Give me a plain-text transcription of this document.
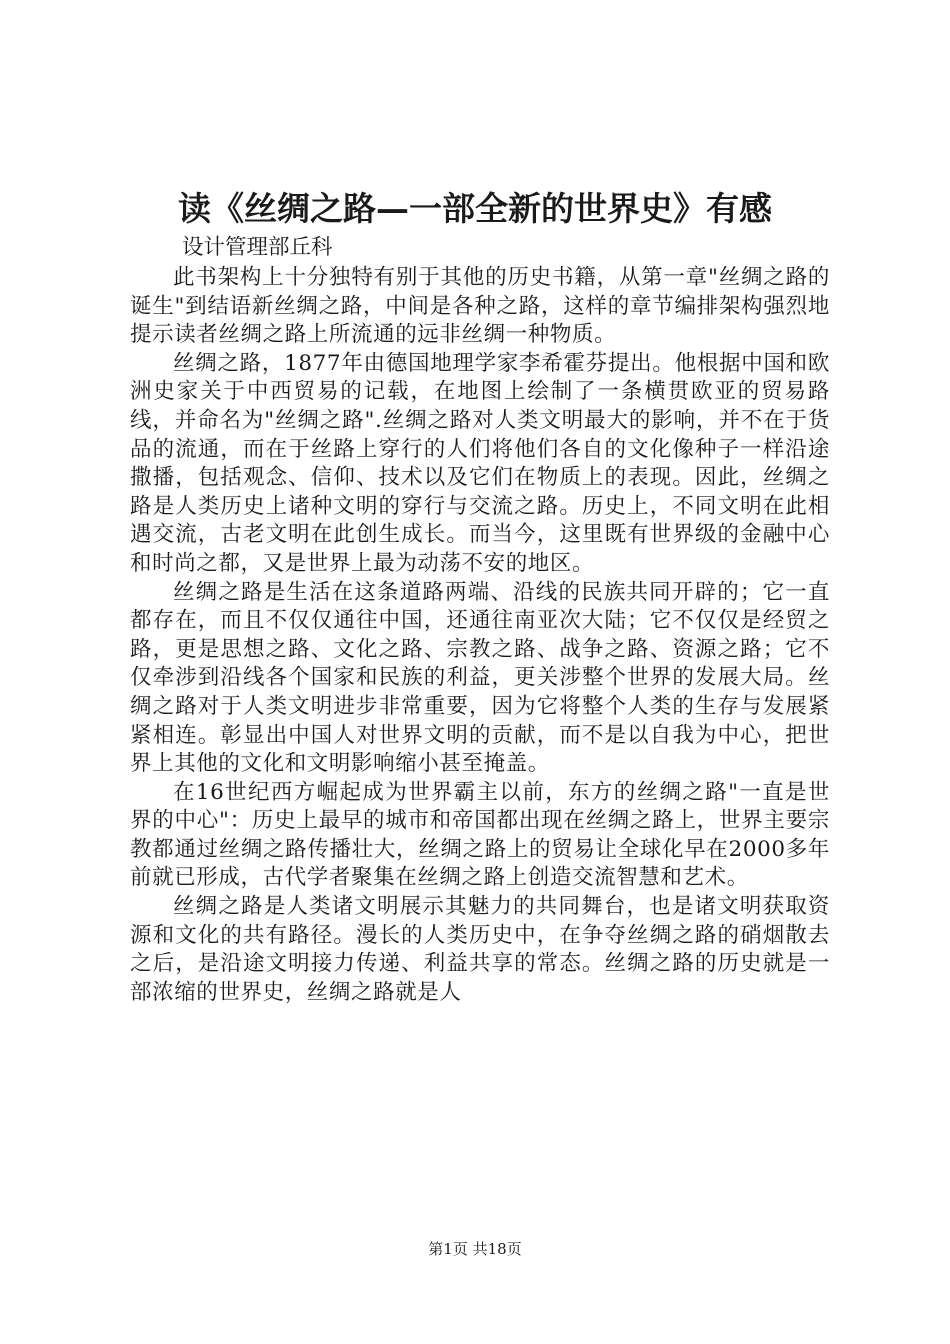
读《丝绸之路—一部全新的世界史》有感

设计管理部丘科

此书架构上十分独特有别于其他的历史书籍，从第一章"丝绸之路的诞生"到结语新丝绸之路，中间是各种之路，这样的章节编排架构强烈地提示读者丝绸之路上所流通的远非丝绸一种物质。

丝绸之路，1877年由德国地理学家李希霍芬提出。他根据中国和欧洲史家关于中西贸易的记载，在地图上绘制了一条横贯欧亚的贸易路线，并命名为"丝绸之路".丝绸之路对人类文明最大的影响，并不在于货品的流通，而在于丝路上穿行的人们将他们各自的文化像种子一样沿途撒播，包括观念、信仰、技术以及它们在物质上的表现。因此，丝绸之路是人类历史上诸种文明的穿行与交流之路。历史上，不同文明在此相遇交流，古老文明在此创生成长。而当今，这里既有世界级的金融中心和时尚之都，又是世界上最为动荡不安的地区。

丝绸之路是生活在这条道路两端、沿线的民族共同开辟的；它一直都存在，而且不仅仅通往中国，还通往南亚次大陆；它不仅仅是经贸之路，更是思想之路、文化之路、宗教之路、战争之路、资源之路；它不仅牵涉到沿线各个国家和民族的利益，更关涉整个世界的发展大局。丝绸之路对于人类文明进步非常重要，因为它将整个人类的生存与发展紧紧相连。彰显出中国人对世界文明的贡献，而不是以自我为中心，把世界上其他的文化和文明影响缩小甚至掩盖。

在16世纪西方崛起成为世界霸主以前，东方的丝绸之路"一直是世界的中心"：历史上最早的城市和帝国都出现在丝绸之路上，世界主要宗教都通过丝绸之路传播壮大，丝绸之路上的贸易让全球化早在2000多年前就已形成，古代学者聚集在丝绸之路上创造交流智慧和艺术。

丝绸之路是人类诸文明展示其魅力的共同舞台，也是诸文明获取资源和文化的共有路径。漫长的人类历史中，在争夺丝绸之路的硝烟散去之后，是沿途文明接力传递、利益共享的常态。丝绸之路的历史就是一部浓缩的世界史，丝绸之路就是人

第1页 共18页
